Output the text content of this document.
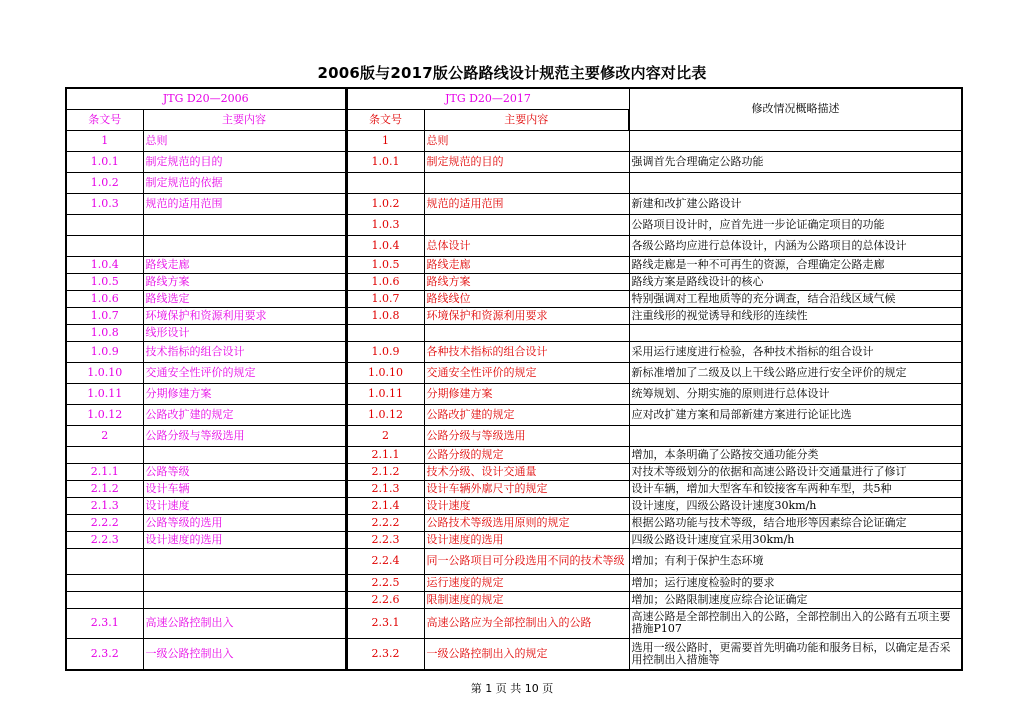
2006版与2017版公路路线设计规范主要修改内容对比表
JTG D20—2006		JTG D20—2017		修改情况概略描述
条文号	主要内容	条文号	主要内容	
1	总则	1	总则	
1.0.1	制定规范的目的	1.0.1	制定规范的目的	强调首先合理确定公路功能
1.0.2	制定规范的依据			
1.0.3	规范的适用范围	1.0.2	规范的适用范围	新建和改扩建公路设计
		1.0.3		公路项目设计时，应首先进一步论证确定项目的功能
		1.0.4	总体设计	各级公路均应进行总体设计，内涵为公路项目的总体设计
1.0.4	路线走廊	1.0.5	路线走廊	路线走廊是一种不可再生的资源，合理确定公路走廊
1.0.5	路线方案	1.0.6	路线方案	路线方案是路线设计的核心
1.0.6	路线选定	1.0.7	路线线位	特别强调对工程地质等的充分调查，结合沿线区域气候
1.0.7	环境保护和资源利用要求	1.0.8	环境保护和资源利用要求	注重线形的视觉诱导和线形的连续性
1.0.8	线形设计			
1.0.9	技术指标的组合设计	1.0.9	各种技术指标的组合设计	采用运行速度进行检验，各种技术指标的组合设计
1.0.10	交通安全性评价的规定	1.0.10	交通安全性评价的规定	新标准增加了二级及以上干线公路应进行安全评价的规定
1.0.11	分期修建方案	1.0.11	分期修建方案	统筹规划、分期实施的原则进行总体设计
1.0.12	公路改扩建的规定	1.0.12	公路改扩建的规定	应对改扩建方案和局部新建方案进行论证比选
2	公路分级与等级选用	2	公路分级与等级选用	
		2.1.1	公路分级的规定	增加，本条明确了公路按交通功能分类
2.1.1	公路等级	2.1.2	技术分级、设计交通量	对技术等级划分的依据和高速公路设计交通量进行了修订
2.1.2	设计车辆	2.1.3	设计车辆外廓尺寸的规定	设计车辆，增加大型客车和铰接客车两种车型，共5种
2.1.3	设计速度	2.1.4	设计速度	设计速度，四级公路设计速度30km/h
2.2.2	公路等级的选用	2.2.2	公路技术等级选用原则的规定	根据公路功能与技术等级，结合地形等因素综合论证确定
2.2.3	设计速度的选用	2.2.3	设计速度的选用	四级公路设计速度宜采用30km/h
		2.2.4	同一公路项目可分段选用不同的技术等级	增加；有利于保护生态环境
		2.2.5	运行速度的规定	增加；运行速度检验时的要求
		2.2.6	限制速度的规定	增加；公路限制速度应综合论证确定
2.3.1	高速公路控制出入	2.3.1	高速公路应为全部控制出入的公路	高速公路是全部控制出入的公路，全部控制出入的公路有五项主要措施P107
2.3.2	一级公路控制出入	2.3.2	一级公路控制出入的规定	选用一级公路时，更需要首先明确功能和服务目标，以确定是否采用控制出入措施等
第 1 页 共 10 页
